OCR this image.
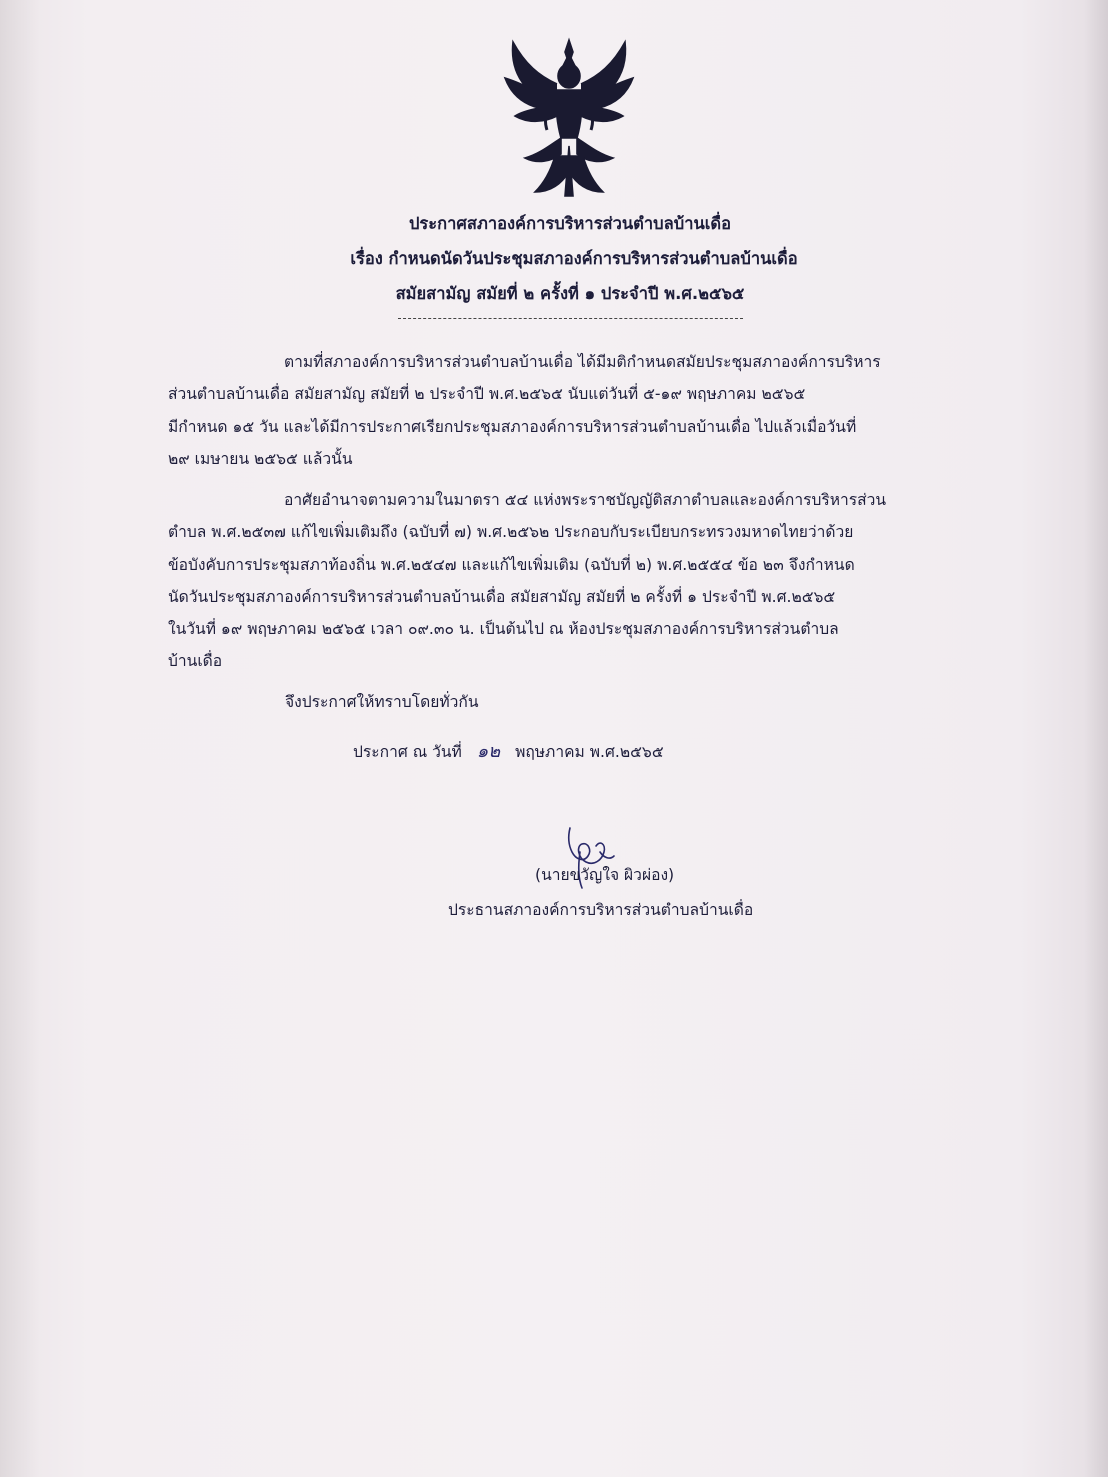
ประกาศสภาองค์การบริหารส่วนตำบลบ้านเดื่อ
เรื่อง กำหนดนัดวันประชุมสภาองค์การบริหารส่วนตำบลบ้านเดื่อ
สมัยสามัญ สมัยที่ ๒ ครั้งที่ ๑ ประจำปี พ.ศ.๒๕๖๕
ตามที่สภาองค์การบริหารส่วนตำบลบ้านเดื่อ ได้มีมติกำหนดสมัยประชุมสภาองค์การบริหาร
ส่วนตำบลบ้านเดื่อ สมัยสามัญ สมัยที่ ๒ ประจำปี พ.ศ.๒๕๖๕ นับแต่วันที่ ๕-๑๙ พฤษภาคม ๒๕๖๕
มีกำหนด ๑๕ วัน และได้มีการประกาศเรียกประชุมสภาองค์การบริหารส่วนตำบลบ้านเดื่อ ไปแล้วเมื่อวันที่
๒๙ เมษายน ๒๕๖๕ แล้วนั้น
อาศัยอำนาจตามความในมาตรา ๕๔ แห่งพระราชบัญญัติสภาตำบลและองค์การบริหารส่วน
ตำบล พ.ศ.๒๕๓๗ แก้ไขเพิ่มเติมถึง (ฉบับที่ ๗) พ.ศ.๒๕๖๒ ประกอบกับระเบียบกระทรวงมหาดไทยว่าด้วย
ข้อบังคับการประชุมสภาท้องถิ่น พ.ศ.๒๕๔๗ และแก้ไขเพิ่มเติม (ฉบับที่ ๒) พ.ศ.๒๕๕๔ ข้อ ๒๓ จึงกำหนด
นัดวันประชุมสภาองค์การบริหารส่วนตำบลบ้านเดื่อ สมัยสามัญ สมัยที่ ๒ ครั้งที่ ๑ ประจำปี พ.ศ.๒๕๖๕
ในวันที่ ๑๙ พฤษภาคม ๒๕๖๕ เวลา ๐๙.๓๐ น. เป็นต้นไป ณ ห้องประชุมสภาองค์การบริหารส่วนตำบล
บ้านเดื่อ
จึงประกาศให้ทราบโดยทั่วกัน
ประกาศ ณ วันที่ ๑๒ พฤษภาคม พ.ศ.๒๕๖๕
(นายขวัญใจ ผิวผ่อง)
ประธานสภาองค์การบริหารส่วนตำบลบ้านเดื่อ
